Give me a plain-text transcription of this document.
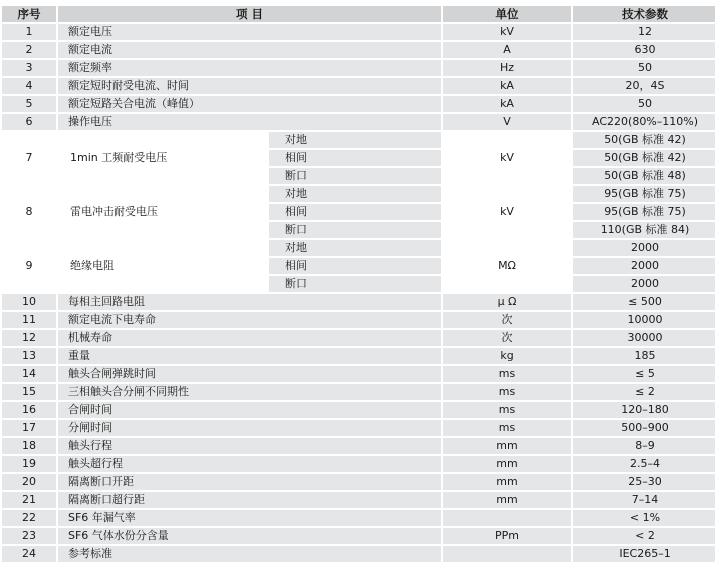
序号	项 目		单位	技术参数
1	额定电压		kV	12
2	额定电流		A	630
3	额定频率		Hz	50
4	额定短时耐受电流、时间		kA	20，4S
5	额定短路关合电流（峰值）		kA	50
6	操作电压		V	AC220(80%–110%)
7	1min 工频耐受电压	对地	kV	50(GB 标准 42)
		相间		50(GB 标准 42)
		断口		50(GB 标准 48)
8	雷电冲击耐受电压	对地	kV	95(GB 标准 75)
		相间		95(GB 标准 75)
		断口		110(GB 标准 84)
9	绝缘电阻	对地	MΩ	2000
		相间		2000
		断口		2000
10	每相主回路电阻		μ Ω	≤ 500
11	额定电流下电寿命		次	10000
12	机械寿命		次	30000
13	重量		kg	185
14	触头合闸弹跳时间		ms	≤ 5
15	三相触头合分闸不同期性		ms	≤ 2
16	合闸时间		ms	120–180
17	分闸时间		ms	500–900
18	触头行程		mm	8–9
19	触头超行程		mm	2.5–4
20	隔离断口开距		mm	25–30
21	隔离断口超行距		mm	7–14
22	SF6 年漏气率			< 1%
23	SF6 气体水份分含量		PPm	< 2
24	参考标准			IEC265–1
